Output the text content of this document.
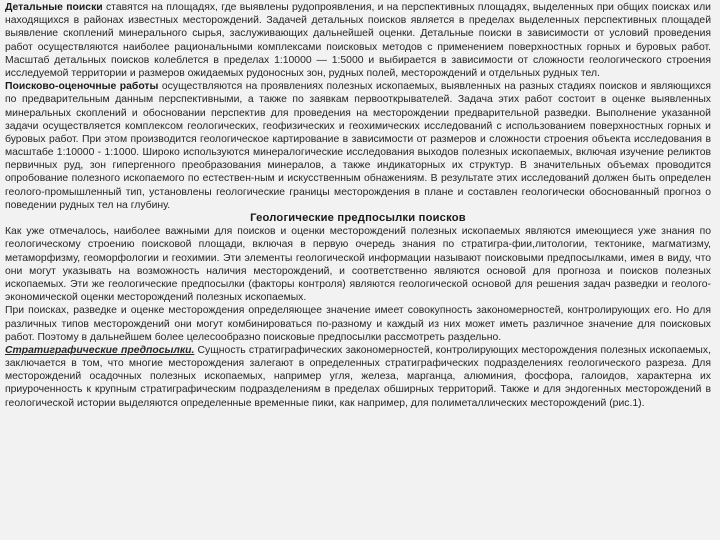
Детальные поиски ставятся на площадях, где выявлены рудопроявления, и на перспективных площадях, выделенных при общих поисках или находящихся в районах известных месторождений. Задачей детальных поисков является в пределах выделенных перспективных площадей выявление скоплений минерального сырья, заслуживающих дальнейшей оценки. Детальные поиски в зависимости от условий проведения работ осуществляются наиболее рациональными комплексами поисковых методов с применением поверхностных горных и буровых работ. Масштаб детальных поисков колеблется в пределах 1:10000 — 1:5000 и выбирается в зависимости от сложности геологического строения исследуемой территории и размеров ожидаемых рудоносных зон, рудных полей, месторождений и отдельных рудных тел.

Поисково-оценочные работы осуществляются на проявлениях полезных ископаемых, выявленных на разных стадиях поисков и являющихся по предварительным данным перспективными, а также по заявкам первооткрывателей. Задача этих работ состоит в оценке выявленных минеральных скоплений и обосновании перспектив для проведения на месторождении предварительной разведки. Выполнение указанной задачи осуществляется комплексом геологических, геофизических и геохимических исследований с использованием поверхностных горных и буровых работ. При этом производится геологическое картирование в зависимости от размеров и сложности строения объекта исследования в масштабе 1:10000 - 1:1000. Широко используются минералогические исследования выходов полезных ископаемых, включая изучение реликтов первичных руд, зон гипергенного преобразования минералов, а также индикаторных их структур. В значительных объемах проводится опробование полезного ископаемого по естествен-ным и искусственным обнажениям. В результате этих исследований должен быть определен геолого-промышленный тип, установлены геологические границы месторождения в плане и составлен геологически обоснованный прогноз о поведении рудных тел на глубину.

Геологические предпосылки поисков

Как уже отмечалось, наиболее важными для поисков и оценки месторождений полезных ископаемых являются имеющиеся уже знания по геологическому строению поисковой площади, включая в первую очередь знания по стратигра-фии,литологии, тектонике, магматизму, метаморфизму, геоморфологии и геохимии. Эти элементы геологической информации называют поисковыми предпосылками, имея в виду, что они могут указывать на возможность наличия месторождений, и соответственно являются основой для прогноза и поисков полезных ископаемых. Эти же геологические предпосылки (факторы контроля) являются геологической основой для решения задач разведки и геолого-экономической оценки месторождений полезных ископаемых.

При поисках, разведке и оценке месторождения определяющее значение имеет совокупность закономерностей, контролирующих его. Но для различных типов месторождений они могут комбинироваться по-разному и каждый из них может иметь различное значение для поисковых работ. Поэтому в дальнейшем более целесообразно поисковые предпосылки рассмотреть раздельно.

Стратиграфические предпосылки. Сущность стратиграфических закономерностей, контролирующих месторождения полезных ископаемых, заключается в том, что многие месторождения залегают в определенных стратиграфических подразделениях геологического разреза. Для месторождений осадочных полезных ископаемых, например угля, железа, марганца, алюминия, фосфора, галоидов, характерна их приуроченность к крупным стратиграфическим подразделениям в пределах обширных территорий. Также и для эндогенных месторождений в геологической истории выделяются определенные временные пики, как например, для полиметаллических месторождений (рис.1).
